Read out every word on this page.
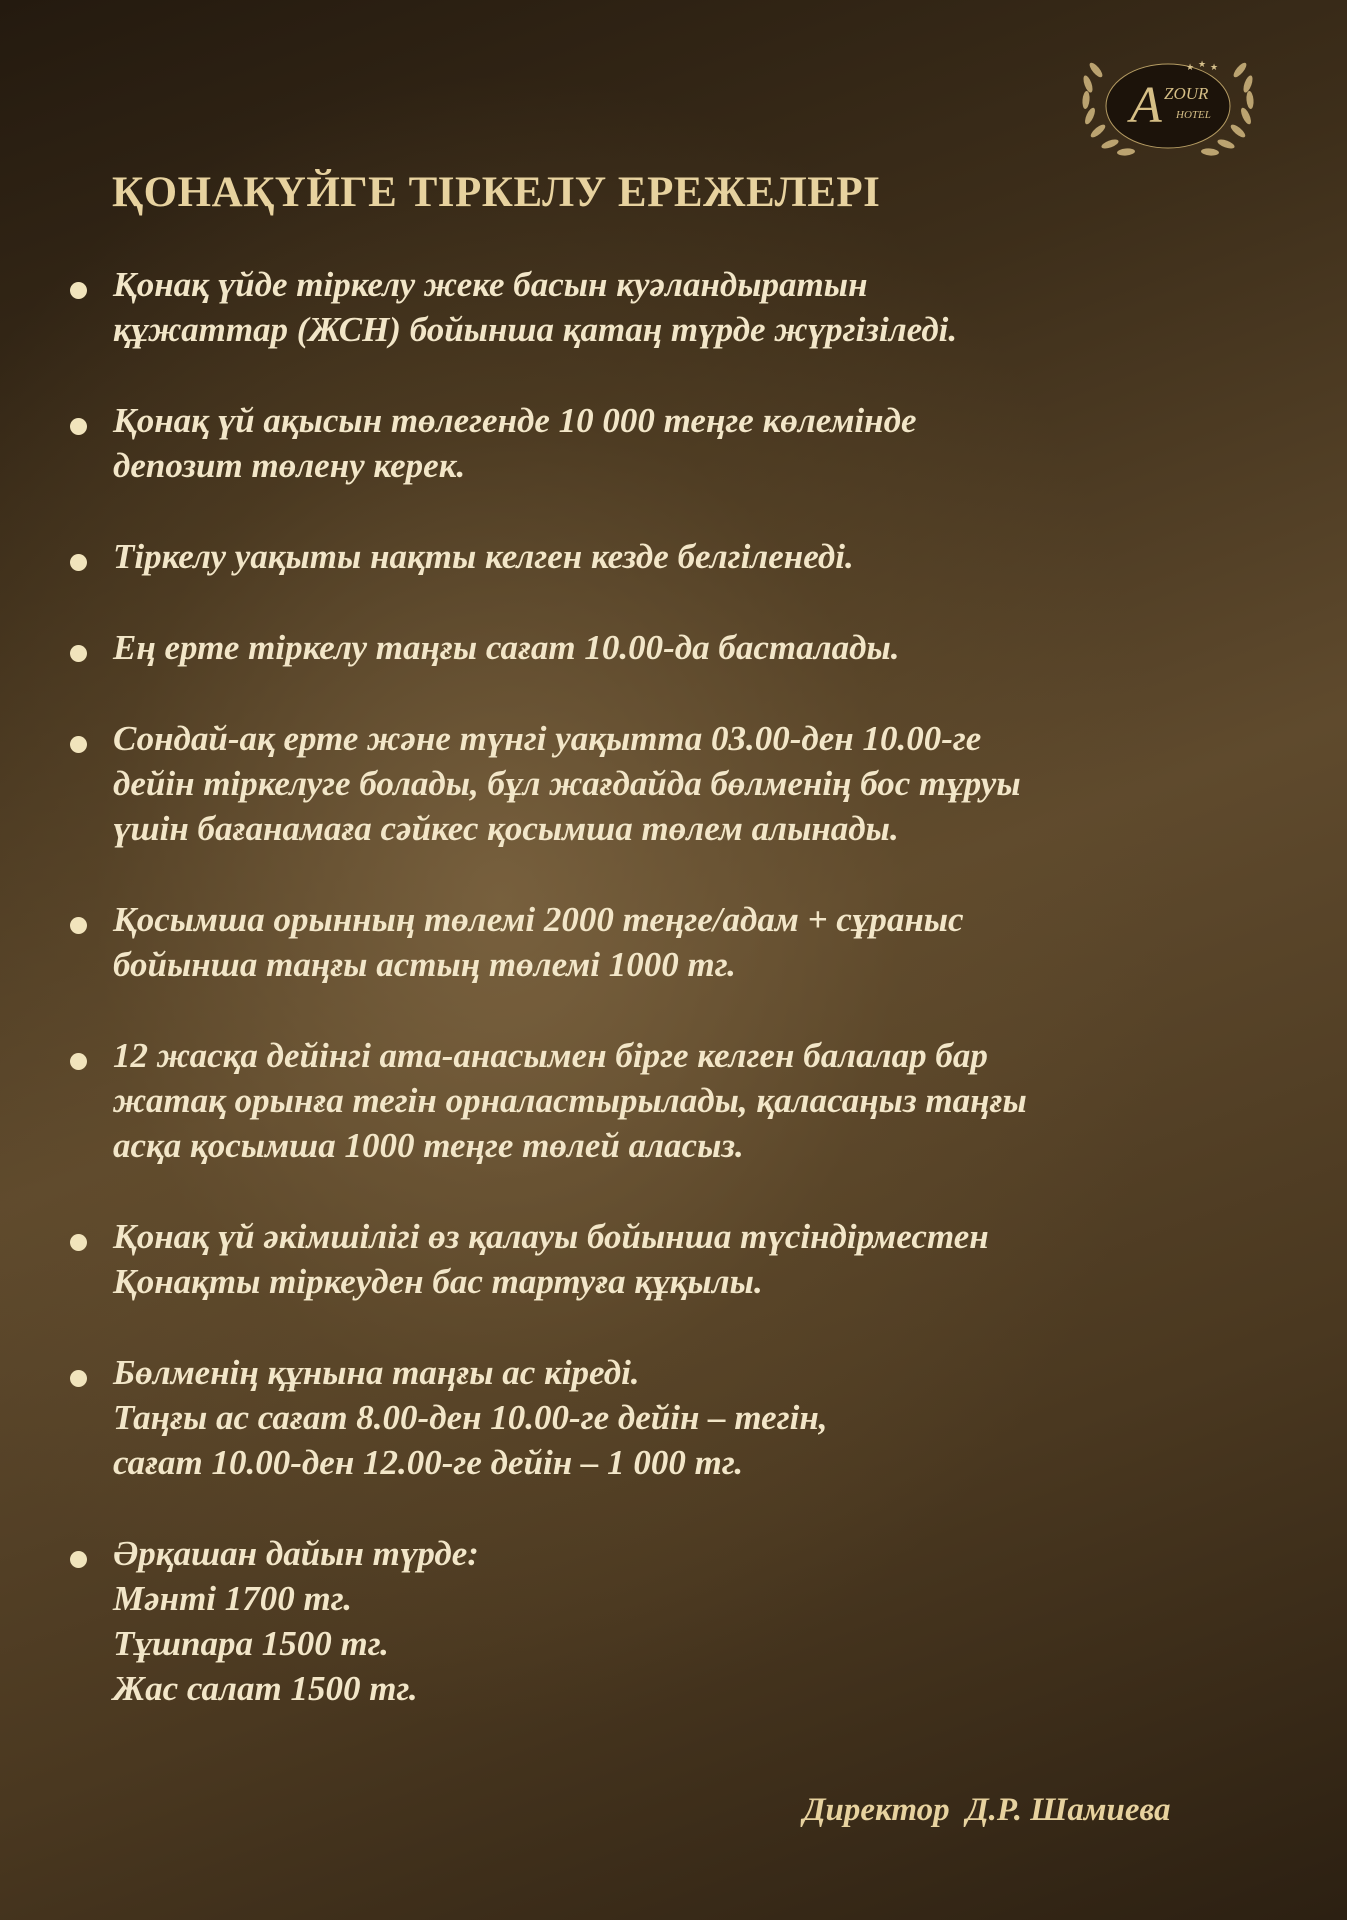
★ ★ ★
A ZOUR
HOTEL
ҚОНАҚҮЙГЕ ТІРКЕЛУ ЕРЕЖЕЛЕРІ
Қонақ үйде тіркелу жеке басын куәландыратын
құжаттар (ЖСН) бойынша қатаң түрде жүргізіледі.
Қонақ үй ақысын төлегенде 10 000 теңге көлемінде
депозит төлену керек.
Тіркелу уақыты нақты келген кезде белгіленеді.
Ең ерте тіркелу таңғы сағат 10.00-да басталады.
Сондай-ақ ерте және түнгі уақытта 03.00-ден 10.00-ге
дейін тіркелуге болады, бұл жағдайда бөлменің бос тұруы
үшін бағанамаға сәйкес қосымша төлем алынады.
Қосымша орынның төлемі 2000 теңге/адам + сұраныс
бойынша таңғы астың төлемі 1000 тг.
12 жасқа дейінгі ата-анасымен бірге келген балалар бар
жатақ орынға тегін орналастырылады, қаласаңыз таңғы
асқа қосымша 1000 теңге төлей аласыз.
Қонақ үй әкімшілігі өз қалауы бойынша түсіндірместен
Қонақты тіркеуден бас тартуға құқылы.
Бөлменің құнына таңғы ас кіреді.
Таңғы ас сағат 8.00-ден 10.00-ге дейін – тегін,
сағат 10.00-ден 12.00-ге дейін – 1 000 тг.
Әрқашан дайын түрде:
Мәнті 1700 тг.
Тұшпара 1500 тг.
Жас салат 1500 тг.

Директор  Д.Р. Шамиева
